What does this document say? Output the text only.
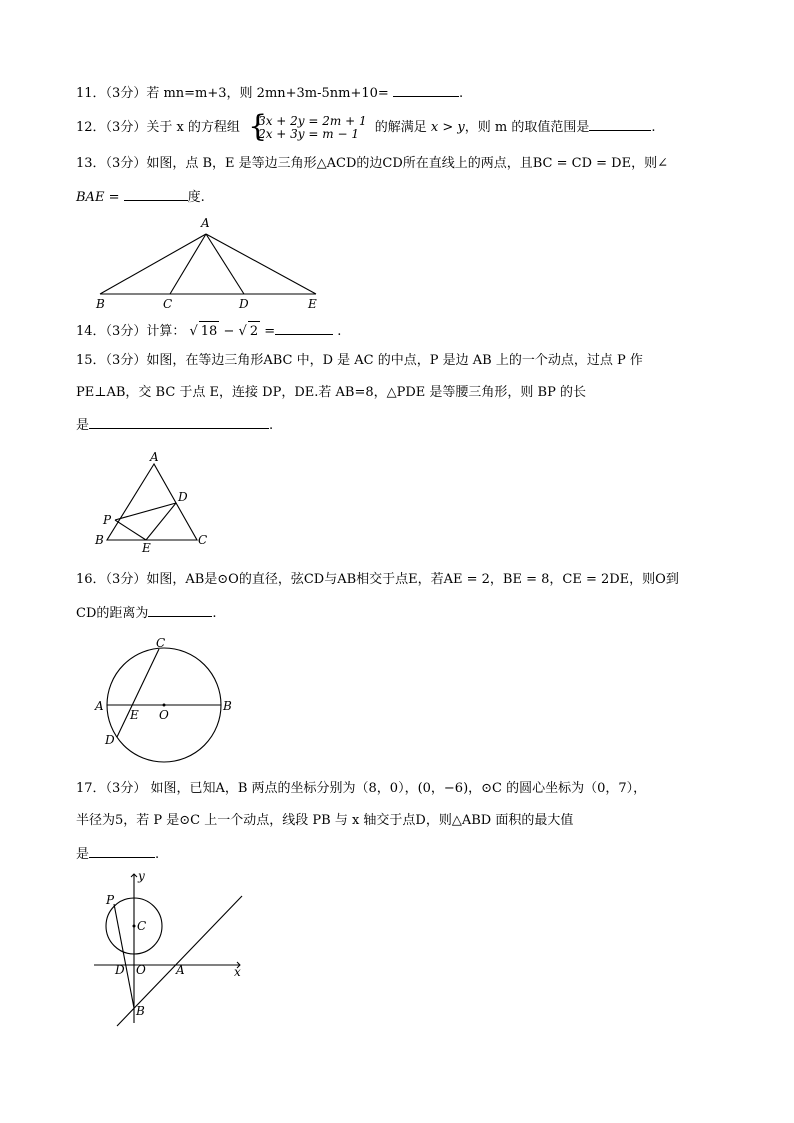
11．（3分）若 mn=m+3，则 2mn+3m-5nm+10=	.
12．（3分）关于 x 的方程组 {
3x + 2y = 2m + 1
2x + 3y = m − 1	的解满足 x > y，则 m 的取值范围是	.
13．（3分）如图，点 B，E 是等边三角形△ACD的边CD所在直线上的两点，且BC = CD = DE，则∠
BAE =	度.
A
B	C	D	E
14．（3分）计算： √ 18 − √ 2 =	.
15．（3分）如图，在等边三角形ABC 中，D 是 AC 的中点，P 是边 AB 上的一个动点，过点 P 作
PE⊥AB，交 BC 于点 E，连接 DP，DE.若 AB=8，△PDE 是等腰三角形，则 BP 的长
是	.
A
D
P
B
E
C
16．（3分）如图，AB是⊙O的直径，弦CD与AB相交于点E，若AE = 2，BE = 8，CE = 2DE，则O到
CD的距离为	.
C
A
E O
B
D
17．（3分） 如图，已知A，B 两点的坐标分别为（8，0），(0，−6)，⊙C 的圆心坐标为（0，7），
半径为5，若 P 是⊙C 上一个动点，线段 PB 与 x 轴交于点D，则△ABD 面积的最大值
是	.
y
x
P
C
D O	A
B
